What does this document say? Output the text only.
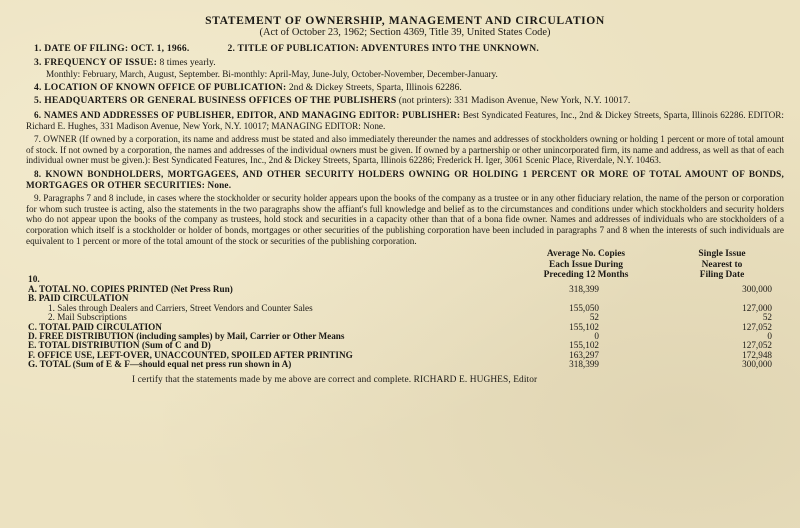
STATEMENT OF OWNERSHIP, MANAGEMENT AND CIRCULATION
(Act of October 23, 1962; Section 4369, Title 39, United States Code)
1. DATE OF FILING: OCT. 1, 1966.	2. TITLE OF PUBLICATION: ADVENTURES INTO THE UNKNOWN.
3. FREQUENCY OF ISSUE: 8 times yearly.
Monthly: February, March, August, September. Bi-monthly: April-May, June-July, October-November, December-January.
4. LOCATION OF KNOWN OFFICE OF PUBLICATION: 2nd & Dickey Streets, Sparta, Illinois 62286.
5. HEADQUARTERS OR GENERAL BUSINESS OFFICES OF THE PUBLISHERS (not printers): 331 Madison Avenue, New York, N.Y. 10017.
6. NAMES AND ADDRESSES OF PUBLISHER, EDITOR, AND MANAGING EDITOR: PUBLISHER: Best Syndicated Features, Inc., 2nd & Dickey Streets, Sparta, Illinois 62286. EDITOR: Richard E. Hughes, 331 Madison Avenue, New York, N.Y. 10017; MANAGING EDITOR: None.
7. OWNER (If owned by a corporation, its name and address must be stated and also immediately thereunder the names and addresses of stockholders owning or holding 1 percent or more of total amount of stock. If not owned by a corporation, the names and addresses of the individual owners must be given. If owned by a partnership or other unincorporated firm, its name and address, as well as that of each individual owner must be given.): Best Syndicated Features, Inc., 2nd & Dickey Streets, Sparta, Illinois 62286; Frederick H. Iger, 3061 Scenic Place, Riverdale, N.Y. 10463.
8. KNOWN BONDHOLDERS, MORTGAGEES, AND OTHER SECURITY HOLDERS OWNING OR HOLDING 1 PERCENT OR MORE OF TOTAL AMOUNT OF BONDS, MORTGAGES OR OTHER SECURITIES: None.
9. Paragraphs 7 and 8 include, in cases where the stockholder or security holder appears upon the books of the company as a trustee or in any other fiduciary relation, the name of the person or corporation for whom such trustee is acting, also the statements in the two paragraphs show the affiant's full knowledge and belief as to the circumstances and conditions under which stockholders and security holders who do not appear upon the books of the company as trustees, hold stock and securities in a capacity other than that of a bona fide owner. Names and addresses of individuals who are stockholders of a corporation which itself is a stockholder or holder of bonds, mortgages or other securities of the publishing corporation have been included in paragraphs 7 and 8 when the interests of such individuals are equivalent to 1 percent or more of the total amount of the stock or securities of the publishing corporation.
10.
Average No. Copies
Each Issue During
Preceding 12 Months
Single Issue
Nearest to
Filing Date
A. TOTAL NO. COPIES PRINTED (Net Press Run)	318,399	300,000
B. PAID CIRCULATION
1. Sales through Dealers and Carriers, Street Vendors and Counter Sales	155,050	127,000
2. Mail Subscriptions	52	52
C. TOTAL PAID CIRCULATION	155,102	127,052
D. FREE DISTRIBUTION (including samples) by Mail, Carrier or Other Means	0	0
E. TOTAL DISTRIBUTION (Sum of C and D)	155,102	127,052
F. OFFICE USE, LEFT-OVER, UNACCOUNTED, SPOILED AFTER PRINTING	163,297	172,948
G. TOTAL (Sum of E & F—should equal net press run shown in A)	318,399	300,000
I certify that the statements made by me above are correct and complete. RICHARD E. HUGHES, Editor
